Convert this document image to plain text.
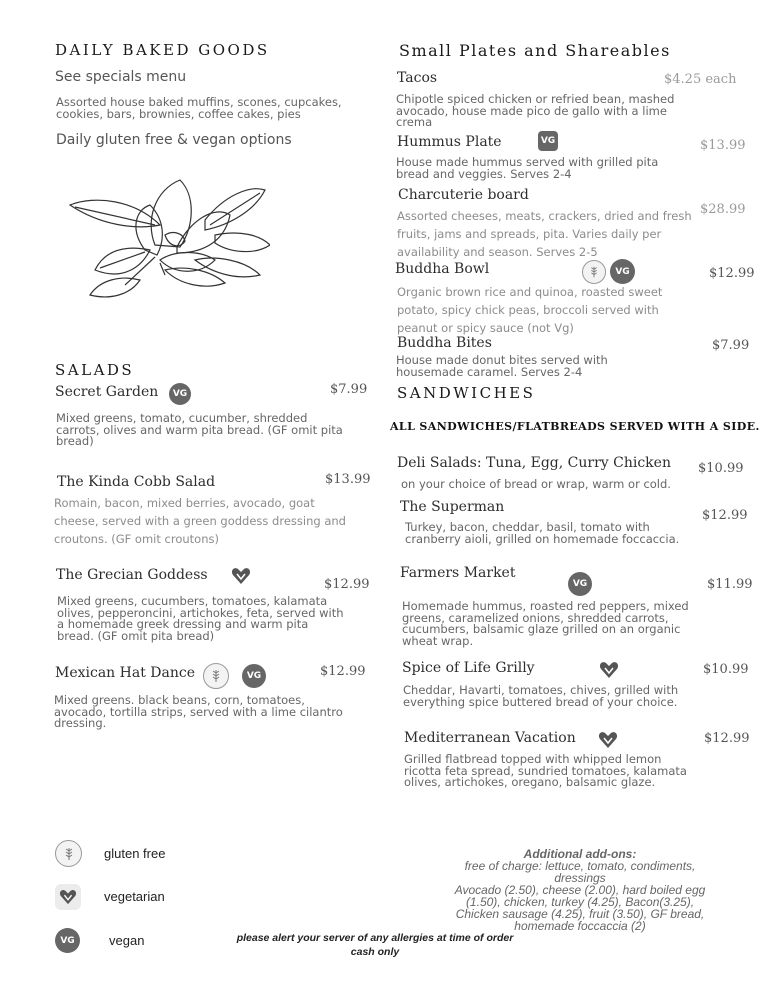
DAILY BAKED GOODS
See specials menu
Assorted house baked muffins, scones, cupcakes, cookies, bars, brownies, coffee cakes, pies
Daily gluten free & vegan options
SALADS
Secret Garden	VG	$7.99
Mixed greens, tomato, cucumber, shredded carrots, olives and warm pita bread. (GF omit pita bread)
The Kinda Cobb Salad	$13.99
Romain, bacon, mixed berries, avocado, goat cheese, served with a green goddess dressing and croutons. (GF omit croutons)
The Grecian Goddess
$12.99
Mixed greens, cucumbers, tomatoes, kalamata olives, pepperoncini, artichokes, feta, served with a homemade greek dressing and warm pita bread. (GF omit pita bread)
Mexican Hat Dance	VG	$12.99
Mixed greens. black beans, corn, tomatoes, avocado, tortilla strips, served with a lime cilantro dressing.
gluten free
vegetarian
VG	vegan
Small Plates and Shareables
Tacos	$4.25 each
Chipotle spiced chicken or refried bean, mashed avocado, house made pico de gallo with a lime crema
Hummus Plate	VG	$13.99
House made hummus served with grilled pita bread and veggies. Serves 2-4
Charcuterie board
$28.99
Assorted cheeses, meats, crackers, dried and fresh fruits, jams and spreads, pita. Varies daily per availability and season. Serves 2-5
Buddha Bowl	VG	$12.99
Organic brown rice and quinoa, roasted sweet potato, spicy chick peas, broccoli served with peanut or spicy sauce (not Vg)
Buddha Bites	$7.99
House made donut bites served with housemade caramel. Serves 2-4
SANDWICHES
ALL SANDWICHES/FLATBREADS SERVED WITH A SIDE.
Deli Salads: Tuna, Egg, Curry Chicken $10.99
on your choice of bread or wrap, warm or cold.
The Superman
$12.99
Turkey, bacon, cheddar, basil, tomato with cranberry aioli, grilled on homemade foccaccia.
Farmers Market
VG	$11.99
Homemade hummus, roasted red peppers, mixed greens, caramelized onions, shredded carrots, cucumbers, balsamic glaze grilled on an organic wheat wrap.
Spice of Life Grilly	$10.99
Cheddar, Havarti, tomatoes, chives, grilled with everything spice buttered bread of your choice.
Mediterranean Vacation	$12.99
Grilled flatbread topped with whipped lemon ricotta feta spread, sundried tomatoes, kalamata olives, artichokes, oregano, balsamic glaze.
Additional add-ons:
free of charge: lettuce, tomato, condiments,
dressings
Avocado (2.50), cheese (2.00), hard boiled egg
(1.50), chicken, turkey (4.25), Bacon(3.25),
Chicken sausage (4.25), fruit (3.50), GF bread,
homemade foccaccia (2)
please alert your server of any allergies at time of order
cash only
